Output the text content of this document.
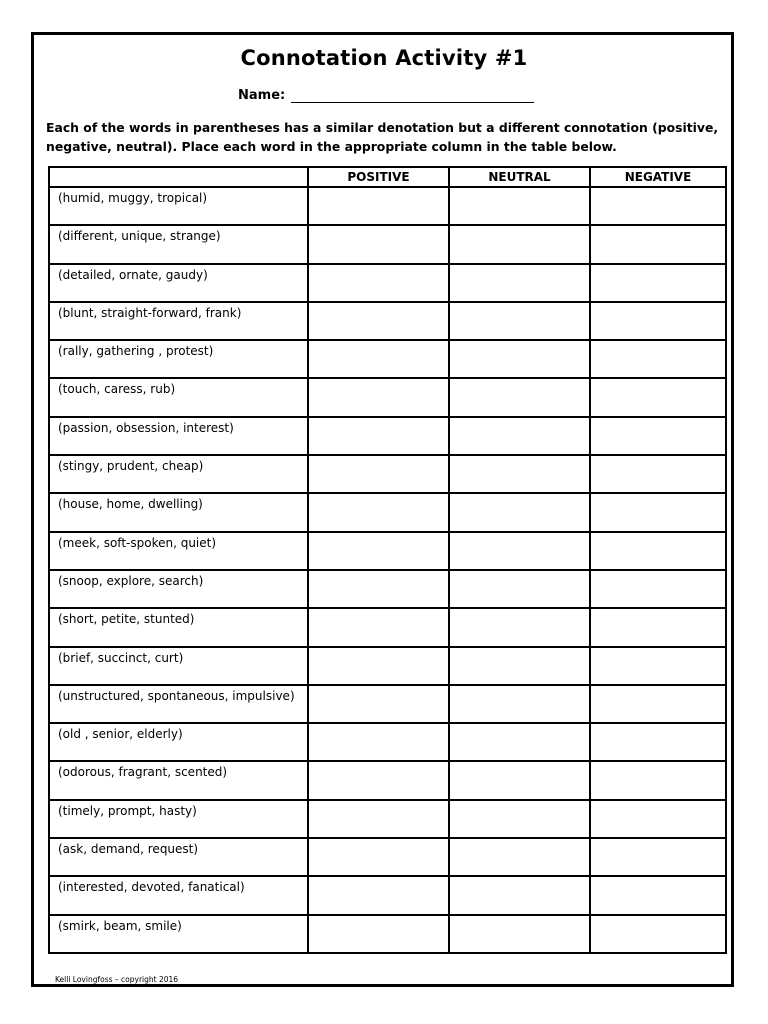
Connotation Activity #1
Name:
Each of the words in parentheses has a similar denotation but a different connotation (positive, negative, neutral). Place each word in the appropriate column in the table below.
	POSITIVE	NEUTRAL	NEGATIVE
(humid, muggy, tropical)			
(different, unique, strange)			
(detailed, ornate, gaudy)			
(blunt, straight-forward, frank)			
(rally, gathering , protest)			
(touch, caress, rub)			
(passion, obsession, interest)			
(stingy, prudent, cheap)			
(house, home, dwelling)			
(meek, soft-spoken, quiet)			
(snoop, explore, search)			
(short, petite, stunted)			
(brief, succinct, curt)			
(unstructured, spontaneous, impulsive)			
(old , senior, elderly)			
(odorous, fragrant, scented)			
(timely, prompt, hasty)			
(ask, demand, request)			
(interested, devoted, fanatical)			
(smirk, beam, smile)			
Kelli Lovingfoss – copyright 2016
